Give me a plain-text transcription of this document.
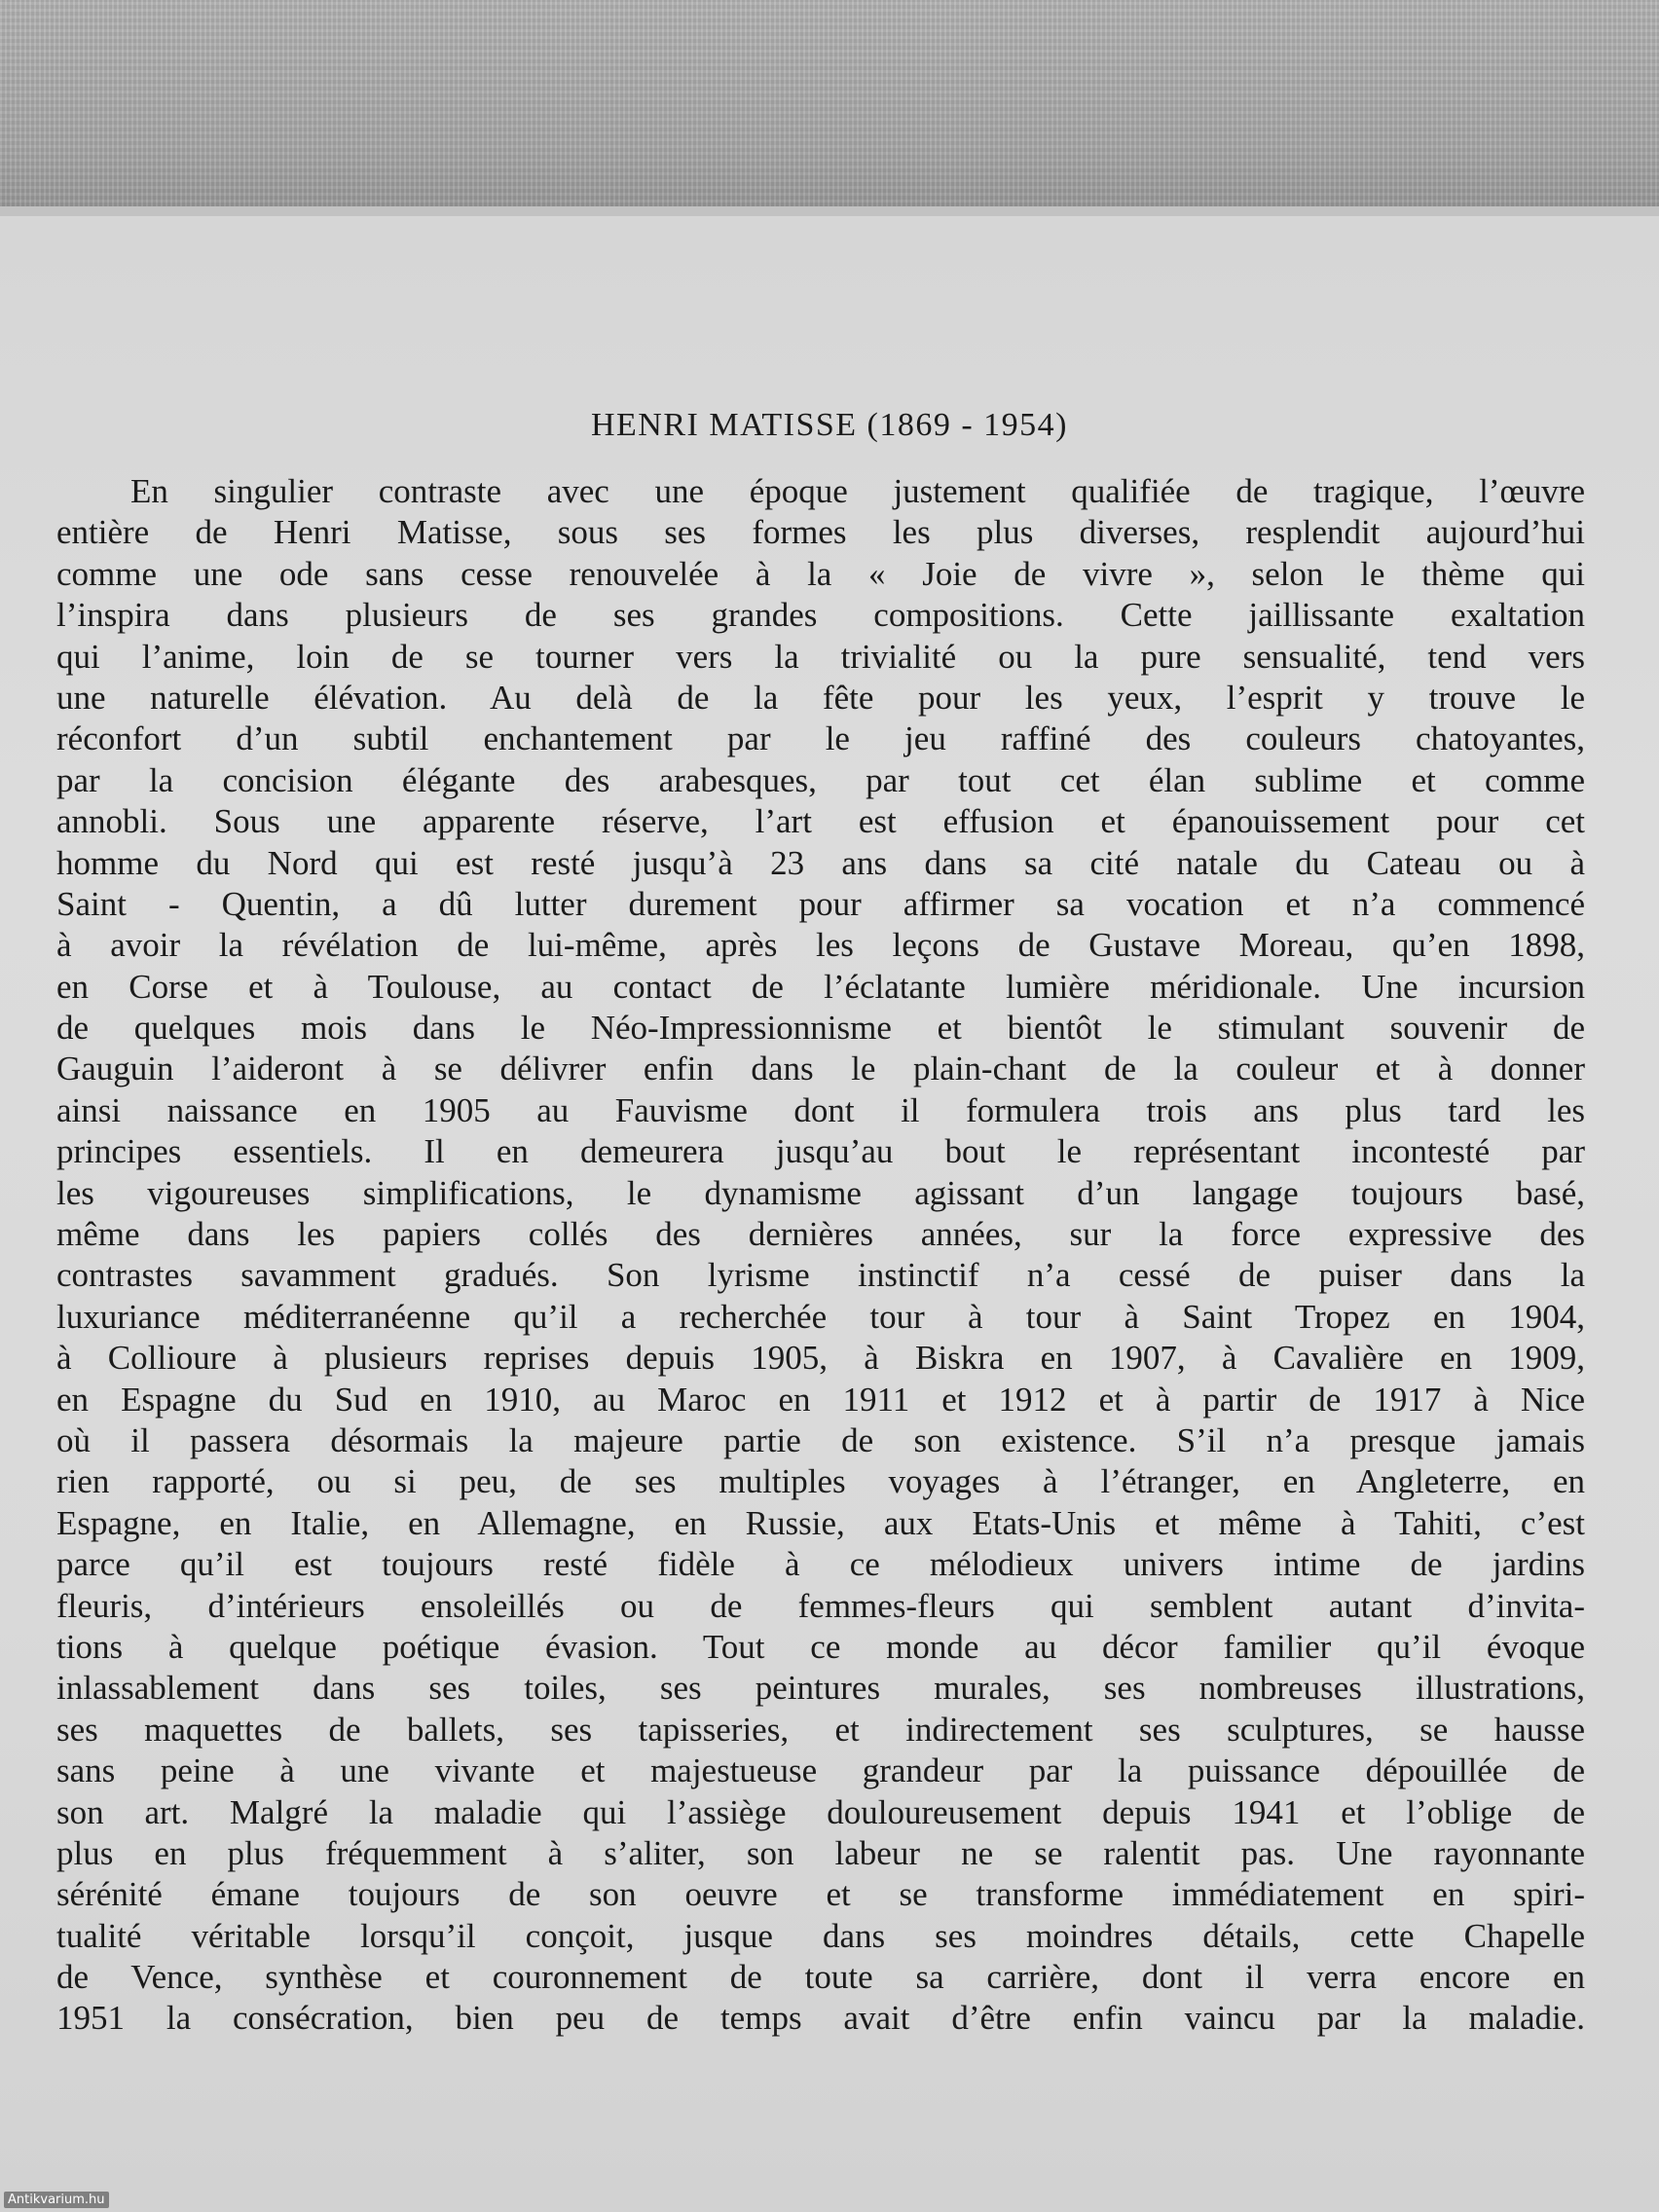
HENRI MATISSE (1869 - 1954)
En singulier contraste avec une époque justement qualifiée de tragique, l’œuvre
entière de Henri Matisse, sous ses formes les plus diverses, resplendit aujourd’hui
comme une ode sans cesse renouvelée à la « Joie de vivre », selon le thème qui
l’inspira dans plusieurs de ses grandes compositions. Cette jaillissante exaltation
qui l’anime, loin de se tourner vers la trivialité ou la pure sensualité, tend vers
une naturelle élévation. Au delà de la fête pour les yeux, l’esprit y trouve le
réconfort d’un subtil enchantement par le jeu raffiné des couleurs chatoyantes,
par la concision élégante des arabesques, par tout cet élan sublime et comme
annobli. Sous une apparente réserve, l’art est effusion et épanouissement pour cet
homme du Nord qui est resté jusqu’à 23 ans dans sa cité natale du Cateau ou à
Saint - Quentin, a dû lutter durement pour affirmer sa vocation et n’a commencé
à avoir la révélation de lui-même, après les leçons de Gustave Moreau, qu’en 1898,
en Corse et à Toulouse, au contact de l’éclatante lumière méridionale. Une incursion
de quelques mois dans le Néo-Impressionnisme et bientôt le stimulant souvenir de
Gauguin l’aideront à se délivrer enfin dans le plain-chant de la couleur et à donner
ainsi naissance en 1905 au Fauvisme dont il formulera trois ans plus tard les
principes essentiels. Il en demeurera jusqu’au bout le représentant incontesté par
les vigoureuses simplifications, le dynamisme agissant d’un langage toujours basé,
même dans les papiers collés des dernières années, sur la force expressive des
contrastes savamment gradués. Son lyrisme instinctif n’a cessé de puiser dans la
luxuriance méditerranéenne qu’il a recherchée tour à tour à Saint Tropez en 1904,
à Collioure à plusieurs reprises depuis 1905, à Biskra en 1907, à Cavalière en 1909,
en Espagne du Sud en 1910, au Maroc en 1911 et 1912 et à partir de 1917 à Nice
où il passera désormais la majeure partie de son existence. S’il n’a presque jamais
rien rapporté, ou si peu, de ses multiples voyages à l’étranger, en Angleterre, en
Espagne, en Italie, en Allemagne, en Russie, aux Etats-Unis et même à Tahiti, c’est
parce qu’il est toujours resté fidèle à ce mélodieux univers intime de jardins
fleuris, d’intérieurs ensoleillés ou de femmes-fleurs qui semblent autant d’invita-
tions à quelque poétique évasion. Tout ce monde au décor familier qu’il évoque
inlassablement dans ses toiles, ses peintures murales, ses nombreuses illustrations,
ses maquettes de ballets, ses tapisseries, et indirectement ses sculptures, se hausse
sans peine à une vivante et majestueuse grandeur par la puissance dépouillée de
son art. Malgré la maladie qui l’assiège douloureusement depuis 1941 et l’oblige de
plus en plus fréquemment à s’aliter, son labeur ne se ralentit pas. Une rayonnante
sérénité émane toujours de son oeuvre et se transforme immédiatement en spiri-
tualité véritable lorsqu’il conçoit, jusque dans ses moindres détails, cette Chapelle
de Vence, synthèse et couronnement de toute sa carrière, dont il verra encore en
1951 la consécration, bien peu de temps avait d’être enfin vaincu par la maladie.
Antikvarium.hu
